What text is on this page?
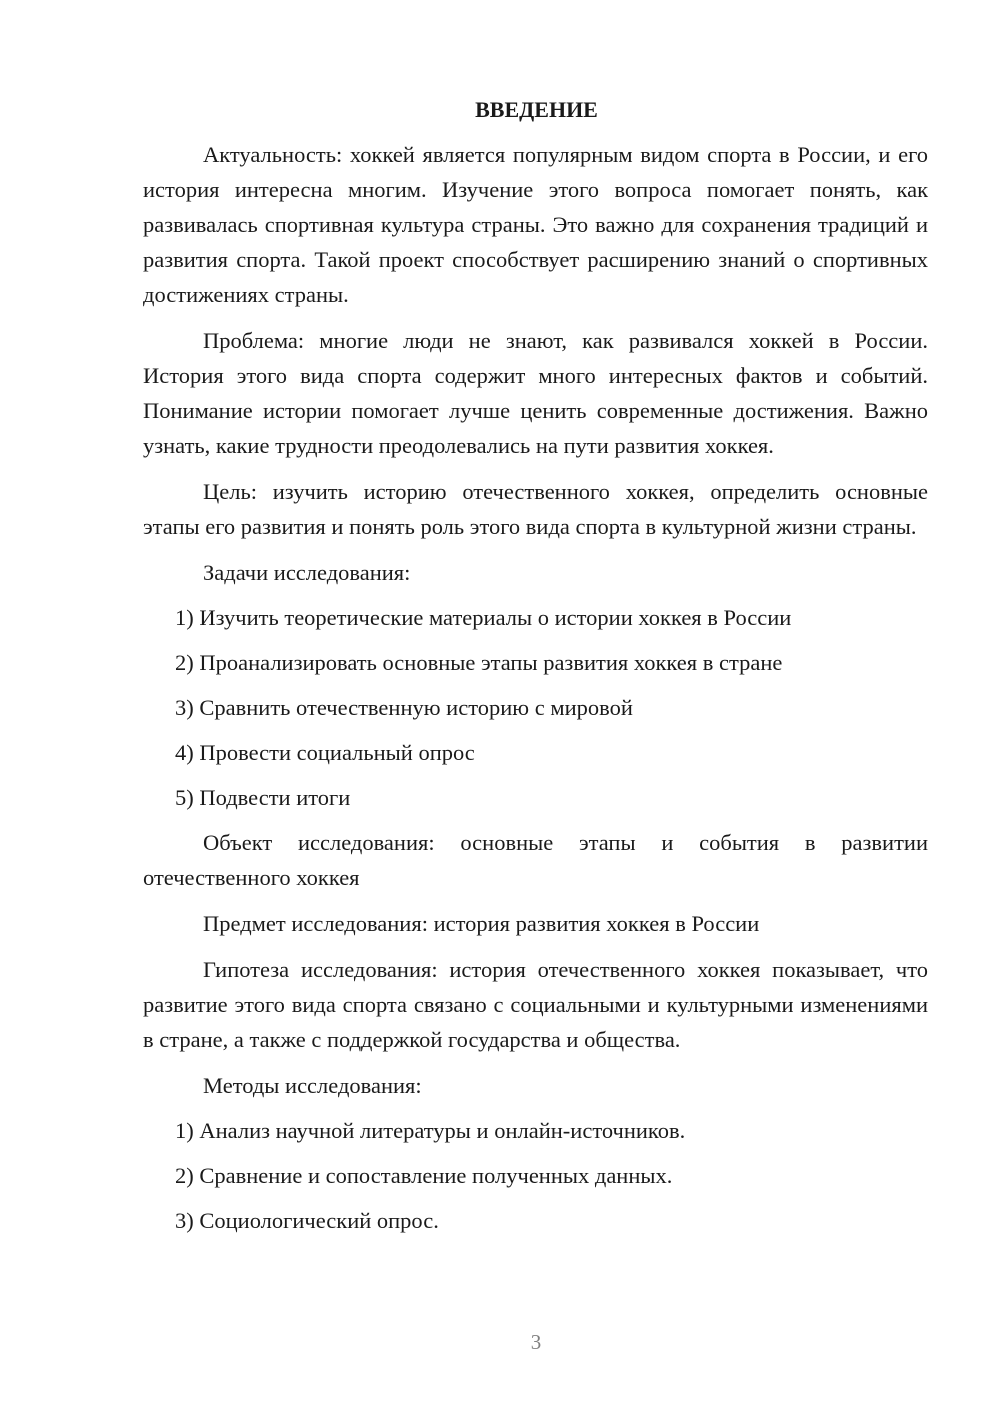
ВВЕДЕНИЕ

Актуальность: хоккей является популярным видом спорта в России, и его история интересна многим. Изучение этого вопроса помогает понять, как развивалась спортивная культура страны. Это важно для сохранения традиций и развития спорта. Такой проект способствует расширению знаний о спортивных достижениях страны.

Проблема: многие люди не знают, как развивался хоккей в России. История этого вида спорта содержит много интересных фактов и событий. Понимание истории помогает лучше ценить современные достижения. Важно узнать, какие трудности преодолевались на пути развития хоккея.

Цель: изучить историю отечественного хоккея, определить основные этапы его развития и понять роль этого вида спорта в культурной жизни страны.

Задачи исследования:

1) Изучить теоретические материалы о истории хоккея в России
2) Проанализировать основные этапы развития хоккея в стране
3) Сравнить отечественную историю с мировой
4) Провести социальный опрос
5) Подвести итоги

Объект исследования: основные этапы и события в развитии отечественного хоккея

Предмет исследования: история развития хоккея в России

Гипотеза исследования: история отечественного хоккея показывает, что развитие этого вида спорта связано с социальными и культурными изменениями в стране, а также с поддержкой государства и общества.

Методы исследования:

1) Анализ научной литературы и онлайн-источников.
2) Сравнение и сопоставление полученных данных.
3) Социологический опрос.
3
